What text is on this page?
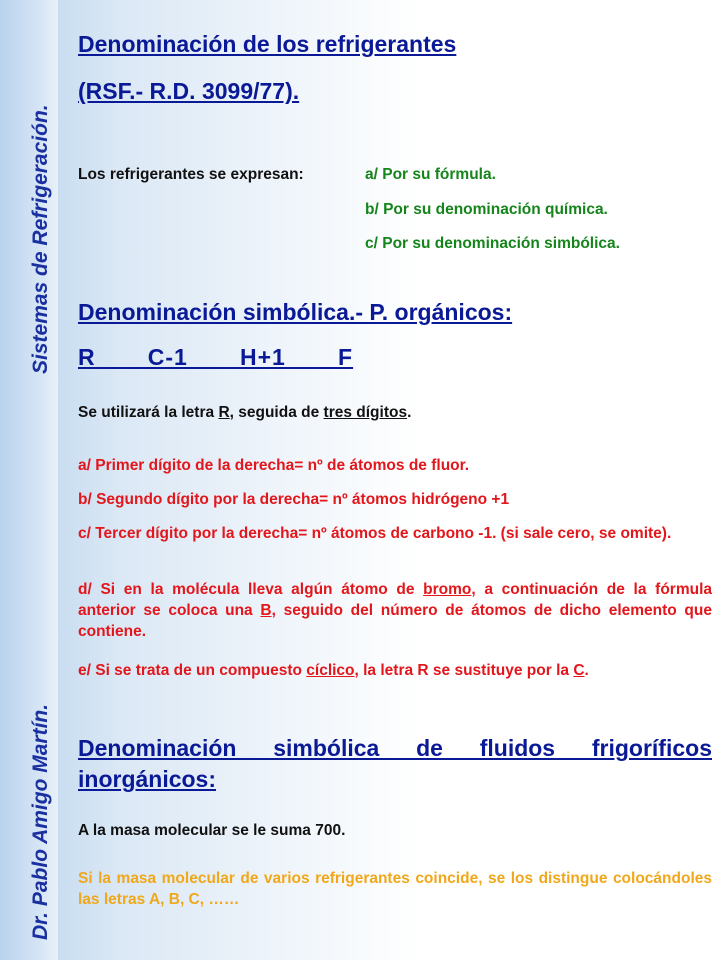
Sistemas de Refrigeración.
Dr. Pablo Amigo Martín.
Denominación de los refrigerantes
(RSF.- R.D. 3099/77).
Los refrigerantes se expresan:	a/ Por su fórmula.
b/ Por su denominación química.
c/ Por su denominación simbólica.
Denominación simbólica.- P. orgánicos:
R   C-1   H+1   F
Se utilizará la letra R, seguida de tres dígitos.
a/ Primer dígito de la derecha= nº de átomos de fluor.
b/ Segundo dígito por la derecha= nº átomos hidrógeno +1
c/ Tercer dígito por la derecha= nº átomos de carbono -1. (si sale cero, se omite).
d/ Si en la molécula lleva algún átomo de bromo, a continuación de la fórmula anterior se coloca una B, seguido del número de átomos de dicho elemento que contiene.
e/ Si se trata de un compuesto cíclico, la letra R se sustituye por la C.
Denominación simbólica de fluidos frigoríficos inorgánicos:
A la masa molecular se le suma 700.
Si la masa molecular de varios refrigerantes coincide, se los distingue colocándoles las letras A, B, C, ……
